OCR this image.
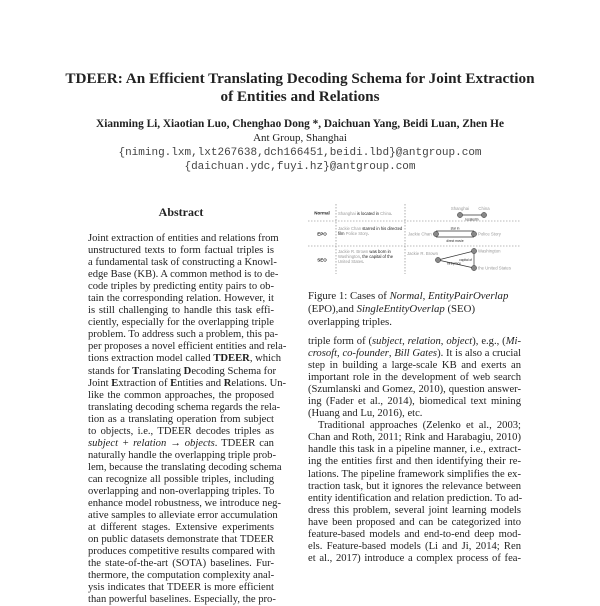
TDEER: An Efficient Translating Decoding Schema for Joint Extraction
of Entities and Relations
Xianming Li, Xiaotian Luo, Chenghao Dong *, Daichuan Yang, Beidi Luan, Zhen He
Ant Group, Shanghai
{niming.lxm,lxt267638,dch166451,beidi.lbd}@antgroup.com
{daichuan.ydc,fuyi.hz}@antgroup.com
Abstract
Joint extraction of entities and relations from
unstructured texts to form factual triples is
a fundamental task of constructing a Knowl-
edge Base (KB). A common method is to de-
code triples by predicting entity pairs to ob-
tain the corresponding relation. However, it
is still challenging to handle this task effi-
ciently, especially for the overlapping triple
problem. To address such a problem, this pa-
per proposes a novel efficient entities and rela-
tions extraction model called TDEER, which
stands for Translating Decoding Schema for
Joint Extraction of Entities and Relations. Un-
like the common approaches, the proposed
translating decoding schema regards the rela-
tion as a translating operation from subject
to objects, i.e., TDEER decodes triples as
subject + relation → objects. TDEER can
naturally handle the overlapping triple prob-
lem, because the translating decoding schema
can recognize all possible triples, including
overlapping and non-overlapping triples. To
enhance model robustness, we introduce neg-
ative samples to alleviate error accumulation
at different stages. Extensive experiments
on public datasets demonstrate that TDEER
produces competitive results compared with
the state-of-the-art (SOTA) baselines. Fur-
thermore, the computation complexity anal-
ysis indicates that TDEER is more efficient
than powerful baselines. Especially, the pro-
Normal
EPO
SEO
Shanghai China
locatedIn
Jackie Chan	Police Story
star in
direct movie
Jackie R. Brown	Washington
the United States
birthplace
capital of
Shanghai is located in China.
Jackie Chan starred in his directed film Police Story.
Jackie R. Brown was born in Washington, the capital of the United States.
Figure 1: Cases of Normal, EntityPairOverlap (EPO),and SingleEntityOverlap (SEO) overlapping triples.
triple form of (subject, relation, object), e.g., (Mi-
crosoft, co-founder, Bill Gates). It is also a crucial
step in building a large-scale KB and exerts an
important role in the development of web search
(Szumlanski and Gomez, 2010), question answer-
ing (Fader et al., 2014), biomedical text mining
(Huang and Lu, 2016), etc.
Traditional approaches (Zelenko et al., 2003;
Chan and Roth, 2011; Rink and Harabagiu, 2010)
handle this task in a pipeline manner, i.e., extract-
ing the entities first and then identifying their re-
lations. The pipeline framework simplifies the ex-
traction task, but it ignores the relevance between
entity identification and relation prediction. To ad-
dress this problem, several joint learning models
have been proposed and can be categorized into
feature-based models and end-to-end deep mod-
els. Feature-based models (Li and Ji, 2014; Ren
et al., 2017) introduce a complex process of fea-
